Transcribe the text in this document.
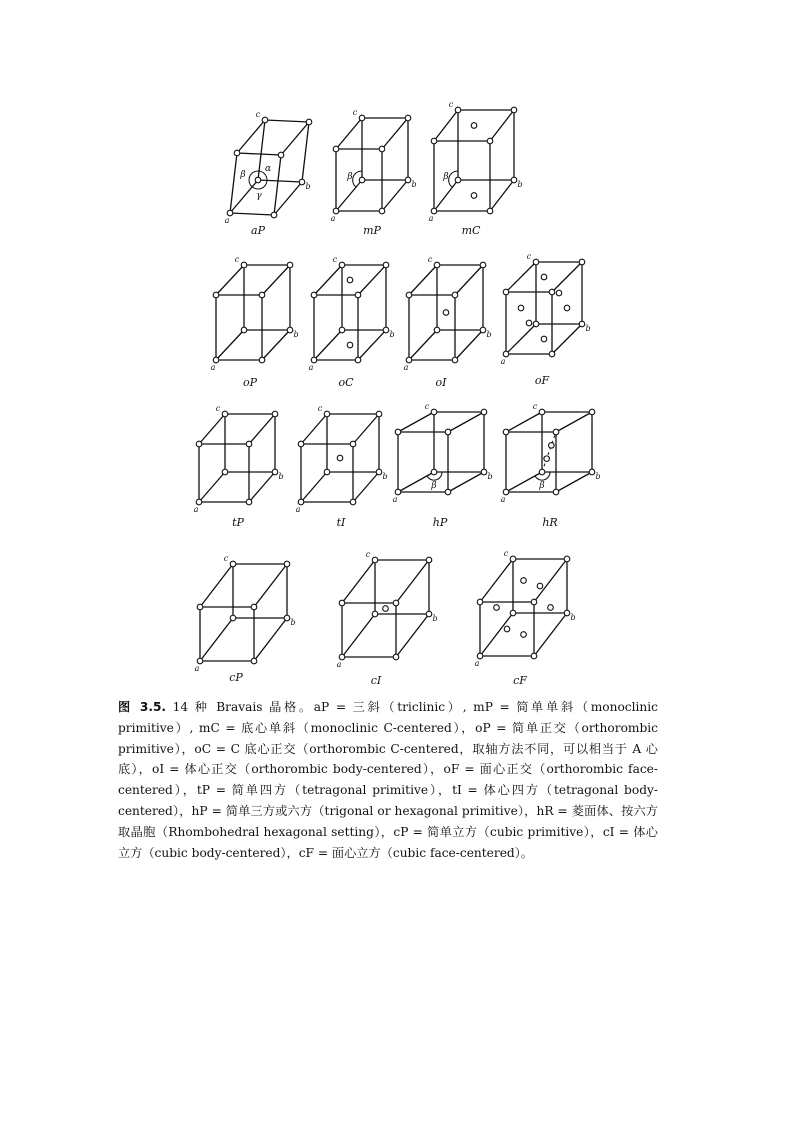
a
b
c
α
β
γ
aP
a
b
c
β
mP
a
b
c
β
mC
a
b
c
oP
a
b
c
oC
a
b
c
oI
a
b
c
oF
a
b
c
tP
a
b
c
tI
a
b
c
β
hP
a
b
c
β
hR
a
b
c
cP
a
b
c
cI
a
b
c
cF

图 3.5. 14 种 Bravais 晶格。aP = 三斜（triclinic）, mP = 简单单斜（monoclinic primitive）, mC = 底心单斜（monoclinic C-centered），oP = 简单正交（orthorombic primitive），oC = C 底心正交（orthorombic C-centered，取轴方法不同，可以相当于 A 心底），oI = 体心正交（orthorombic body-centered），oF = 面心正交（orthorombic face-centered），tP = 简单四方（tetragonal primitive），tI = 体心四方（tetragonal body-centered），hP = 简单三方或六方（trigonal or hexagonal primitive），hR = 菱面体、按六方取晶胞（Rhombohedral hexagonal setting），cP = 简单立方（cubic primitive），cI = 体心立方（cubic body-centered），cF = 面心立方（cubic face-centered）。
